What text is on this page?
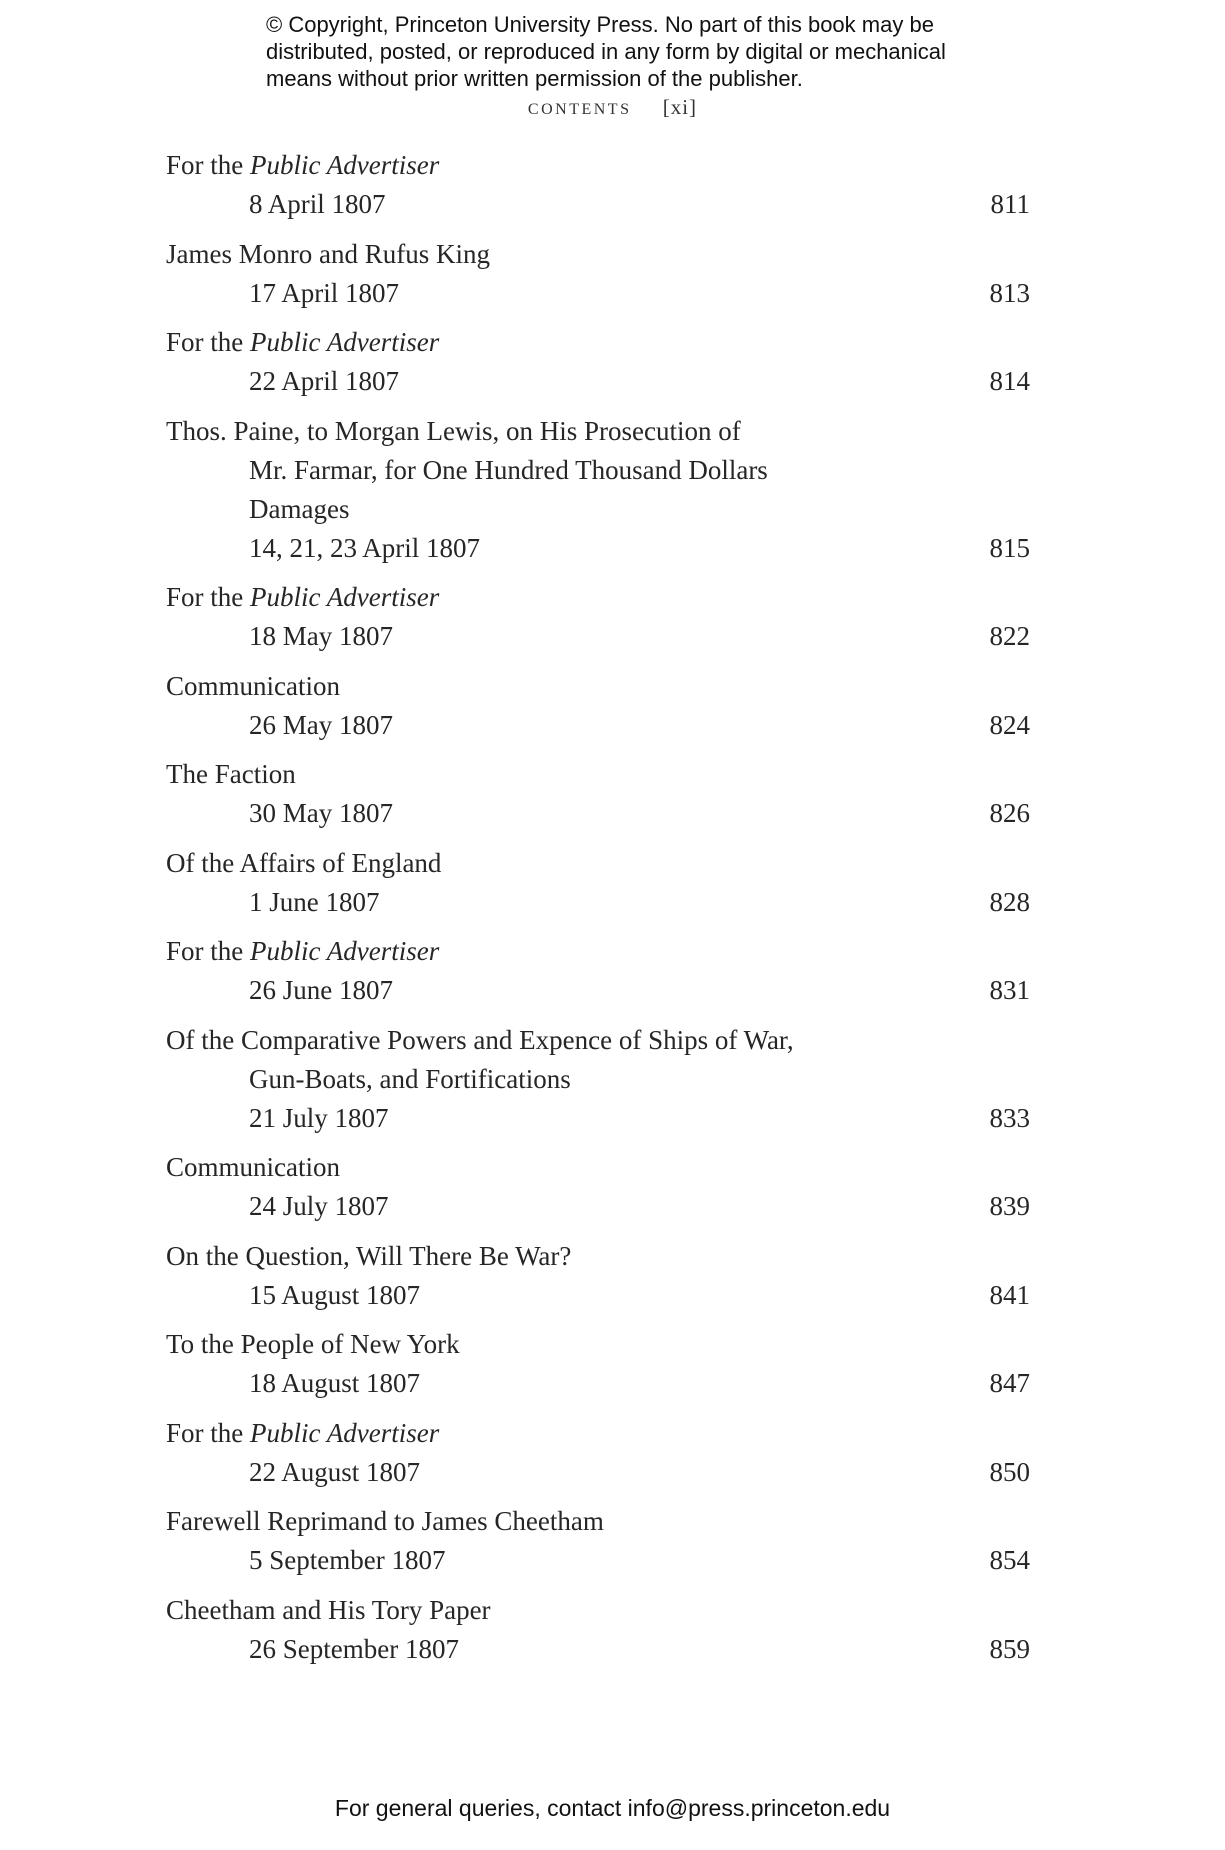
© Copyright, Princeton University Press. No part of this book may be
distributed, posted, or reproduced in any form by digital or mechanical
means without prior written permission of the publisher.
contents [xi]
For the Public Advertiser
8 April 1807	811
James Monro and Rufus King
17 April 1807	813
For the Public Advertiser
22 April 1807	814
Thos. Paine, to Morgan Lewis, on His Prosecution of
Mr. Farmar, for One Hundred Thousand Dollars
Damages
14, 21, 23 April 1807	815
For the Public Advertiser
18 May 1807	822
Communication
26 May 1807	824
The Faction
30 May 1807	826
Of the Affairs of England
1 June 1807	828
For the Public Advertiser
26 June 1807	831
Of the Comparative Powers and Expence of Ships of War,
Gun-Boats, and Fortifications
21 July 1807	833
Communication
24 July 1807	839
On the Question, Will There Be War?
15 August 1807	841
To the People of New York
18 August 1807	847
For the Public Advertiser
22 August 1807	850
Farewell Reprimand to James Cheetham
5 September 1807	854
Cheetham and His Tory Paper
26 September 1807	859
For general queries, contact info@press.princeton.edu
